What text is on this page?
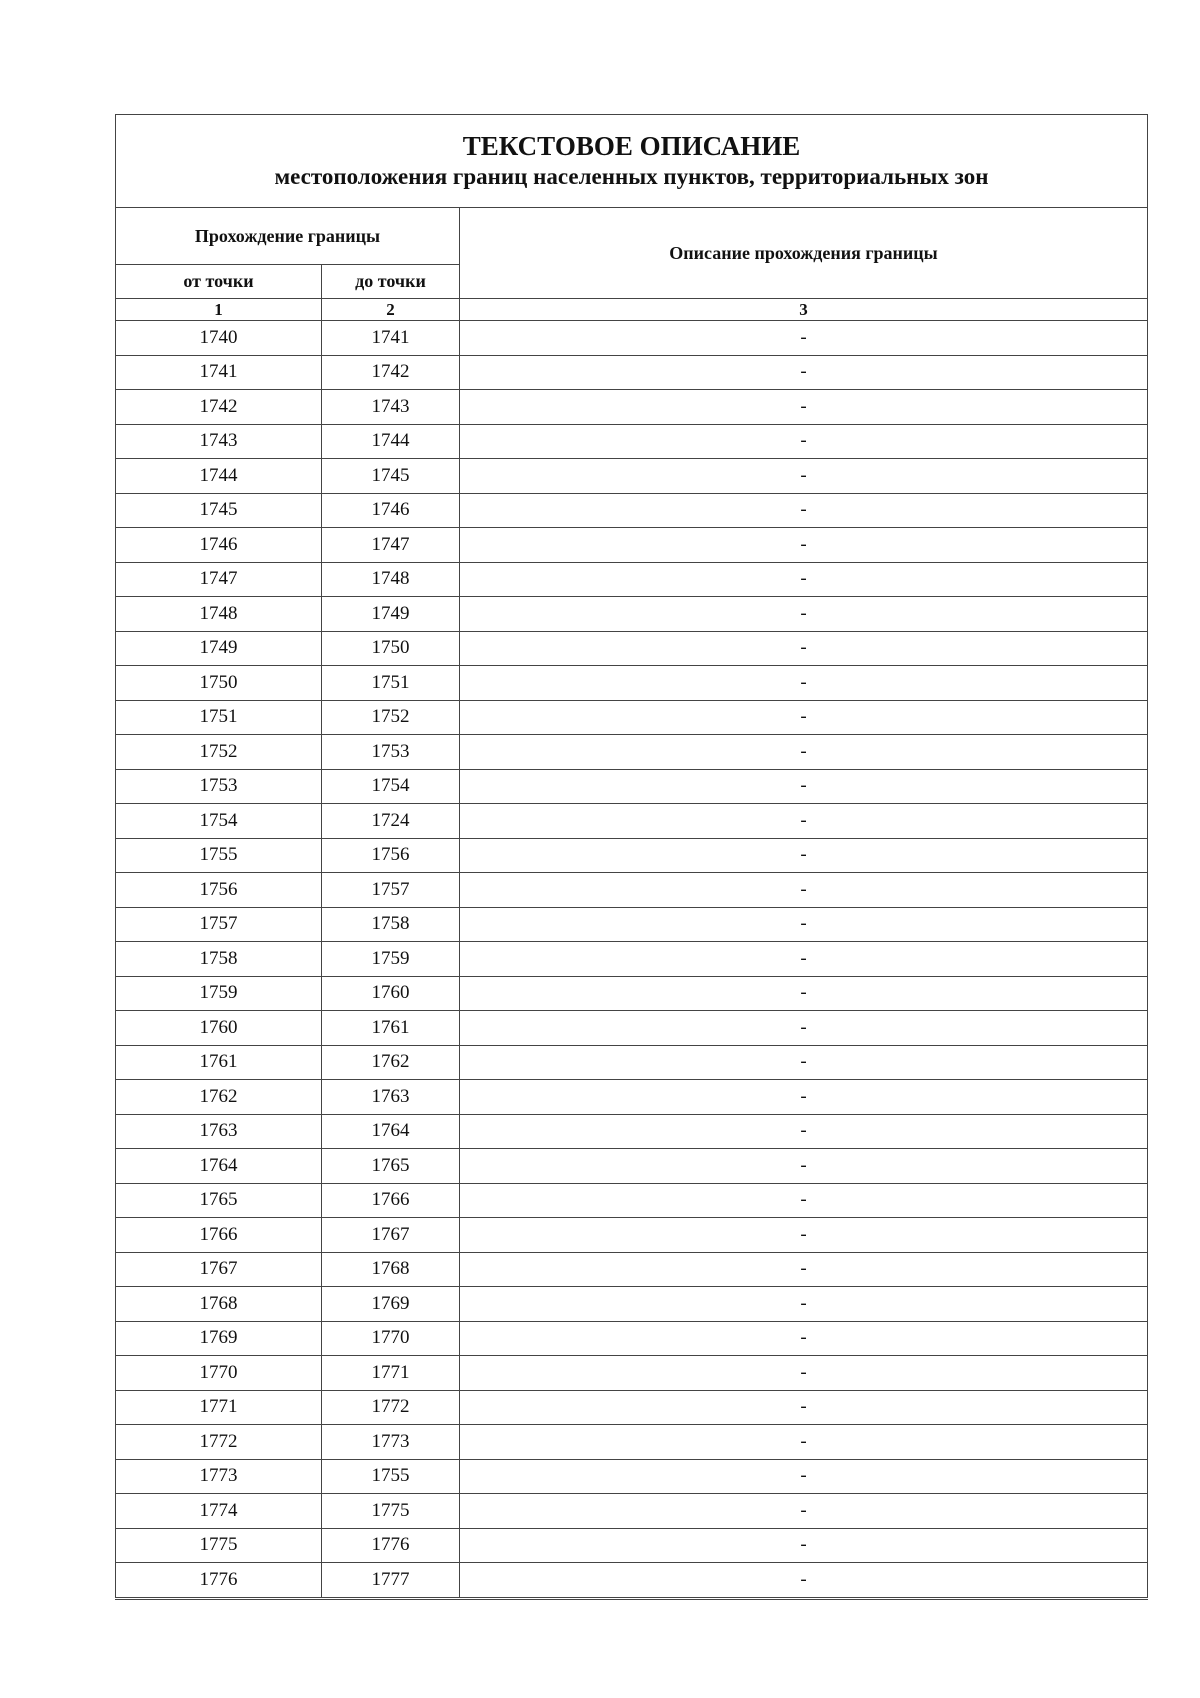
ТЕКСТОВОЕ ОПИСАНИЕ
местоположения границ населенных пунктов, территориальных зон		

Прохождение границы		Описание прохождения границы
от точки	до точки	
1	2	3
1740	1741	-
1741	1742	-
1742	1743	-
1743	1744	-
1744	1745	-
1745	1746	-
1746	1747	-
1747	1748	-
1748	1749	-
1749	1750	-
1750	1751	-
1751	1752	-
1752	1753	-
1753	1754	-
1754	1724	-
1755	1756	-
1756	1757	-
1757	1758	-
1758	1759	-
1759	1760	-
1760	1761	-
1761	1762	-
1762	1763	-
1763	1764	-
1764	1765	-
1765	1766	-
1766	1767	-
1767	1768	-
1768	1769	-
1769	1770	-
1770	1771	-
1771	1772	-
1772	1773	-
1773	1755	-
1774	1775	-
1775	1776	-
1776	1777	-
